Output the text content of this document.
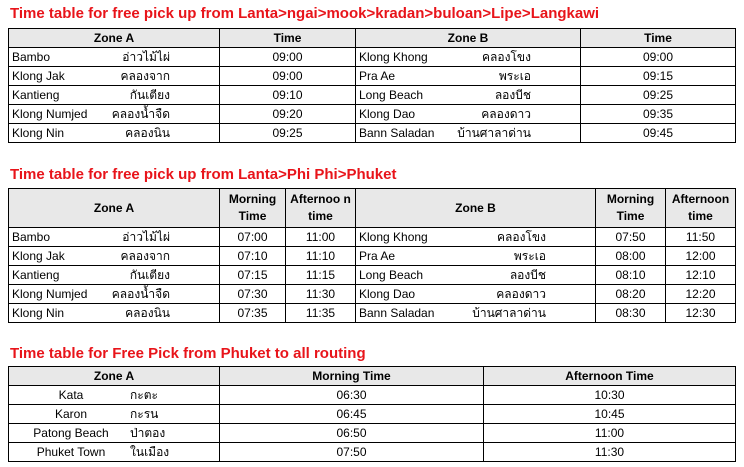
Time table for free pick up from Lanta>ngai>mook>kradan>buloan>Lipe>Langkawi
Zone A	Time	Zone B	Time

Bambo อ่าวไม้ไผ่	09:00	Klong Khong คลองโขง	09:00

Klong Jak คลองจาก	09:00	Pra Ae พระเอ	09:15

Kantieng กันเตียง	09:10	Long Beach ลองบีช	09:25

Klong Numjed คลองน้ำจืด	09:20	Klong Dao คลองดาว	09:35

Klong Nin คลองนิน	09:25	Bann Saladan บ้านศาลาด่าน	09:45
Time table for free pick up from Lanta>Phi Phi>Phuket
Zone A	Morning Time	Afternoo n time	Zone B	Morning Time	Afternoon time

Bambo อ่าวไม้ไผ่	07:00	11:00	Klong Khong คลองโขง	07:50	11:50

Klong Jak คลองจาก	07:10	11:10	Pra Ae พระเอ	08:00	12:00

Kantieng กันเตียง	07:15	11:15	Long Beach ลองบีช	08:10	12:10

Klong Numjed คลองน้ำจืด	07:30	11:30	Klong Dao คลองดาว	08:20	12:20

Klong Nin คลองนิน	07:35	11:35	Bann Saladan บ้านศาลาด่าน	08:30	12:30
Time table for Free Pick from Phuket to all routing
Zone A	Morning Time	Afternoon Time

Kata กะตะ	06:30	10:30

Karon กะรน	06:45	10:45

Patong Beach ป่าตอง	06:50	11:00

Phuket Town ในเมือง	07:50	11:30
